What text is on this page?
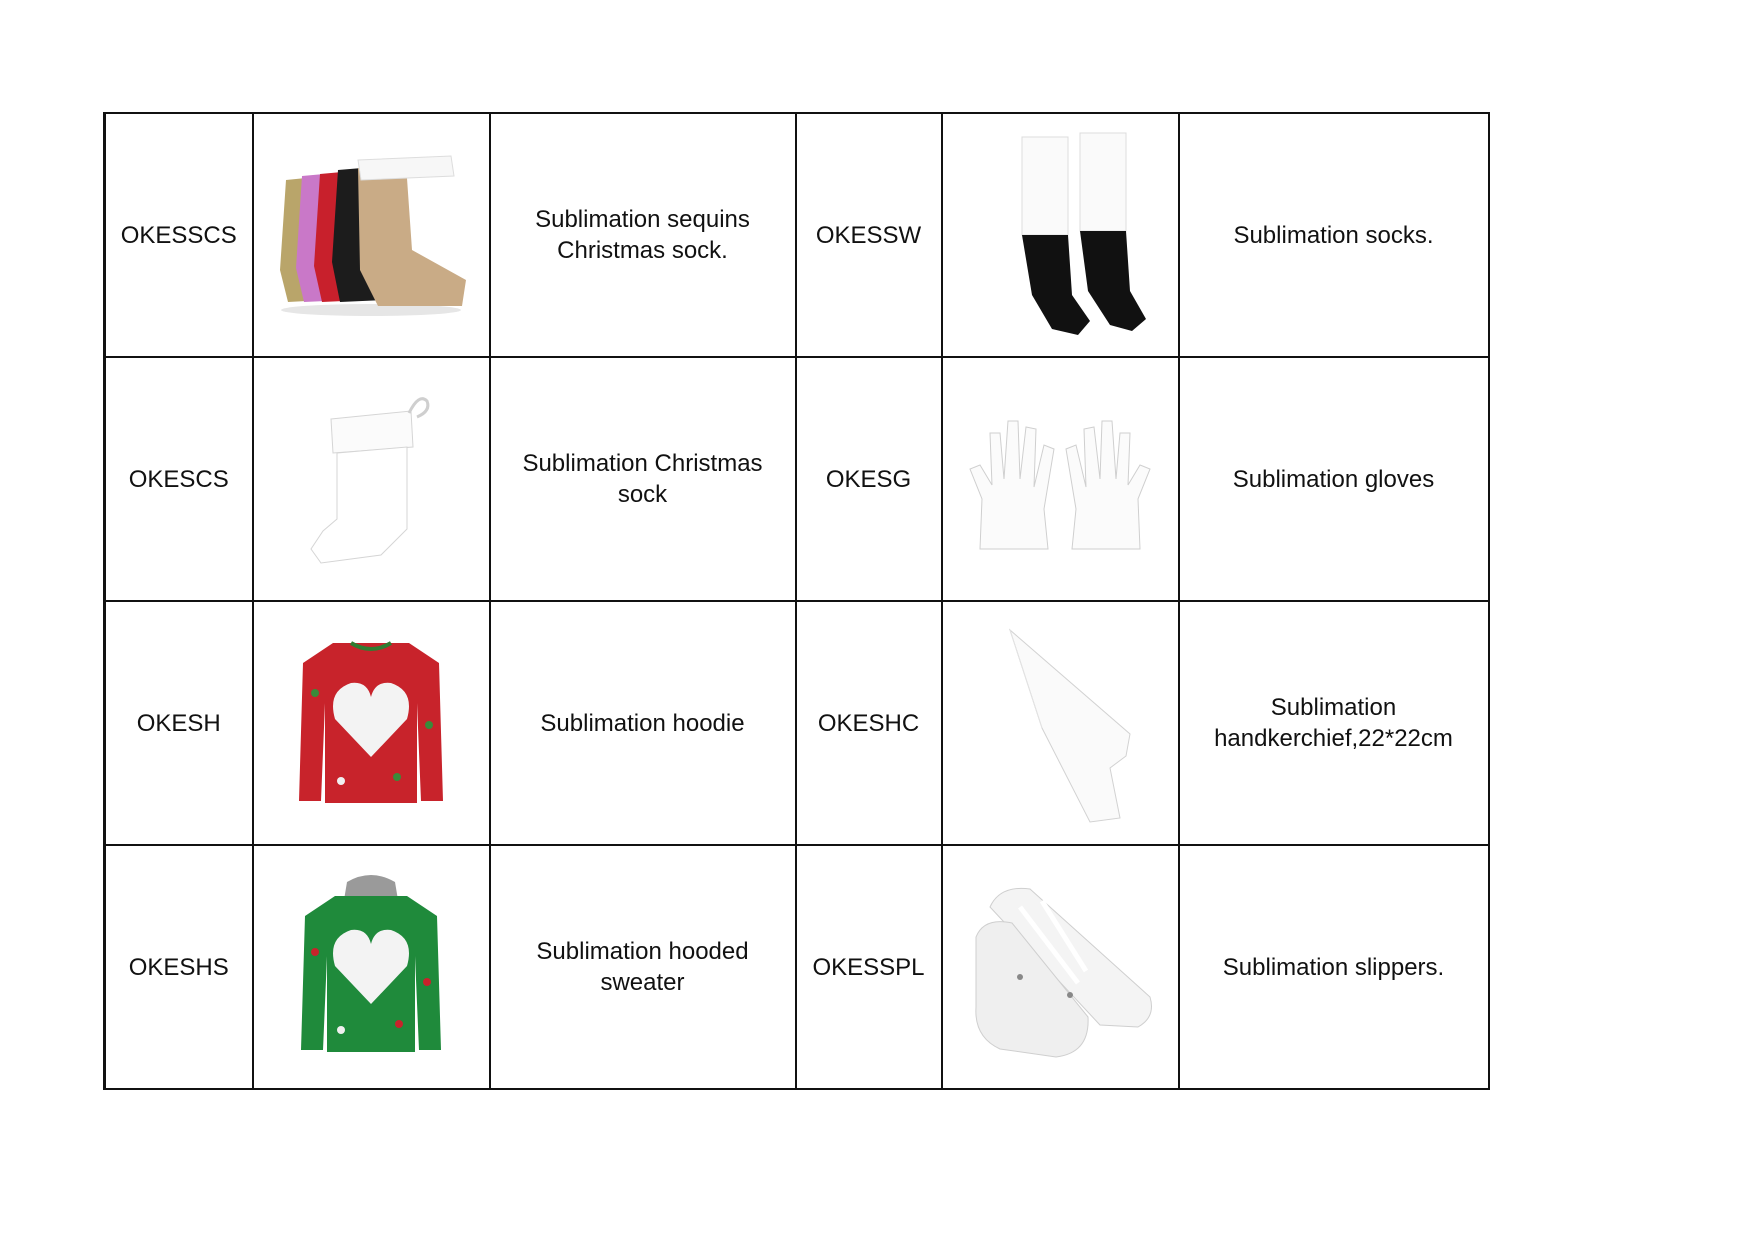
OKESSCS		Sublimation sequins Christmas sock.	OKESSW		Sublimation socks.
OKESCS		Sublimation Christmas sock	OKESG		Sublimation gloves
OKESH		Sublimation hoodie	OKESHC		Sublimation handkerchief,22*22cm
OKESHS		Sublimation hooded sweater	OKESSPL		Sublimation slippers.
